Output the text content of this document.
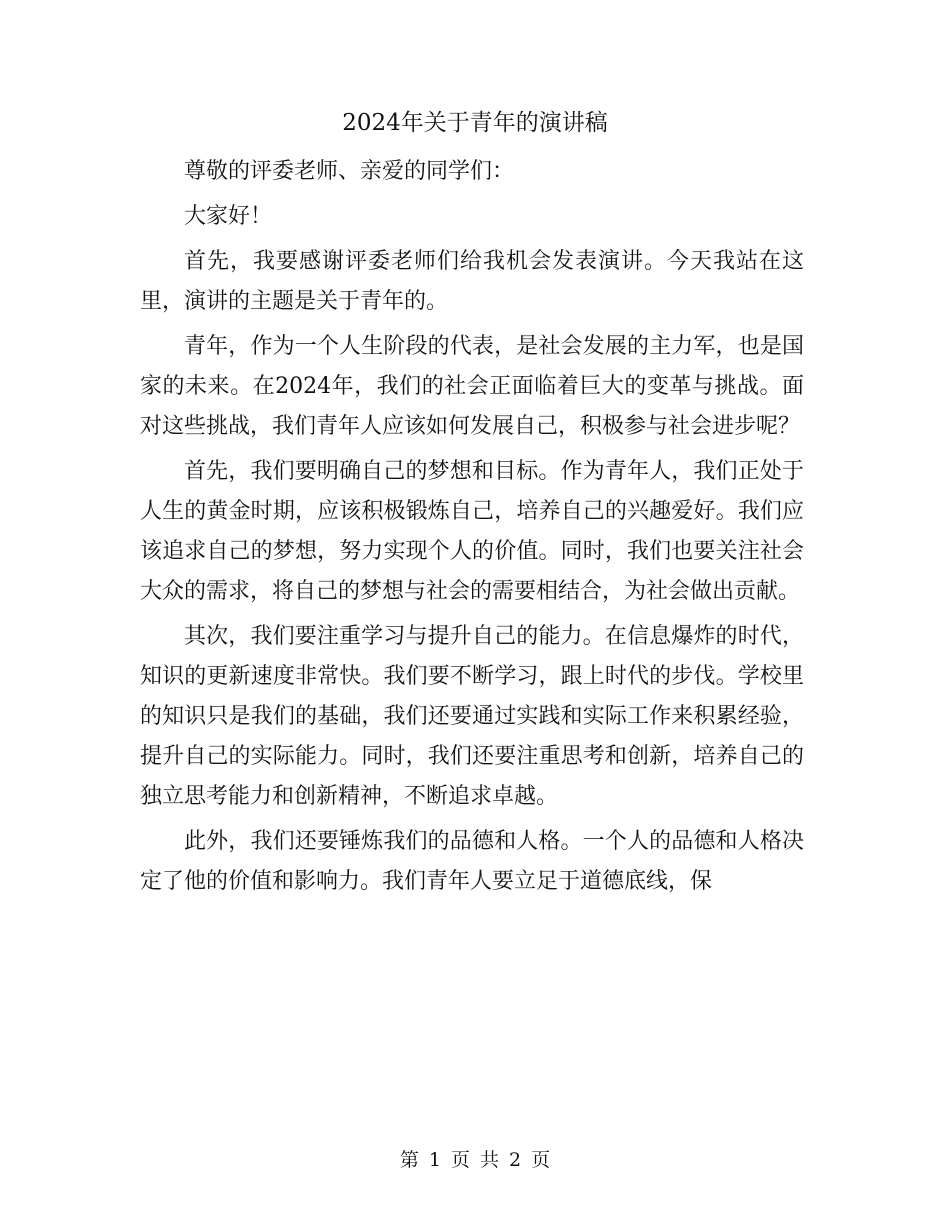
2024年关于青年的演讲稿

尊敬的评委老师、亲爱的同学们：

大家好！

首先，我要感谢评委老师们给我机会发表演讲。今天我站在这里，演讲的主题是关于青年的。

青年，作为一个人生阶段的代表，是社会发展的主力军，也是国家的未来。在2024年，我们的社会正面临着巨大的变革与挑战。面对这些挑战，我们青年人应该如何发展自己，积极参与社会进步呢？

首先，我们要明确自己的梦想和目标。作为青年人，我们正处于人生的黄金时期，应该积极锻炼自己，培养自己的兴趣爱好。我们应该追求自己的梦想，努力实现个人的价值。同时，我们也要关注社会大众的需求，将自己的梦想与社会的需要相结合，为社会做出贡献。

其次，我们要注重学习与提升自己的能力。在信息爆炸的时代，知识的更新速度非常快。我们要不断学习，跟上时代的步伐。学校里的知识只是我们的基础，我们还要通过实践和实际工作来积累经验，提升自己的实际能力。同时，我们还要注重思考和创新，培养自己的独立思考能力和创新精神，不断追求卓越。

此外，我们还要锤炼我们的品德和人格。一个人的品德和人格决定了他的价值和影响力。我们青年人要立足于道德底线，保

第 1 页 共 2 页
